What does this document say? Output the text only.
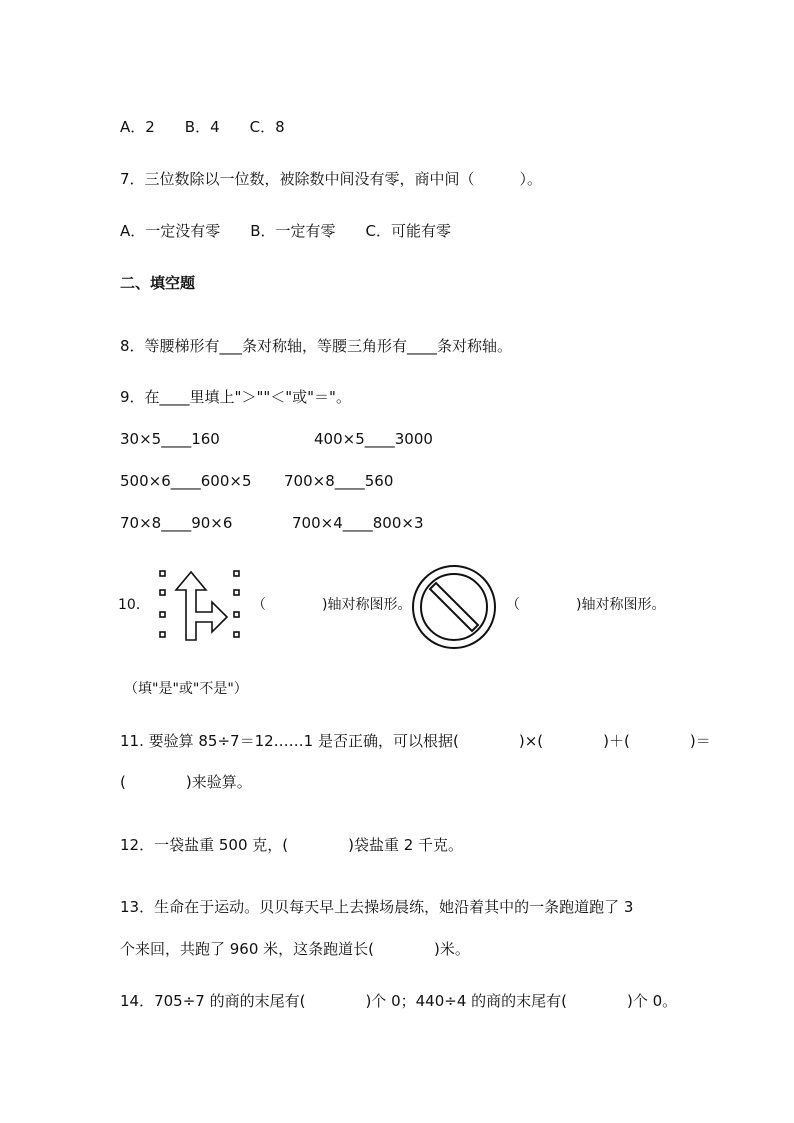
A．2　　B．4　　C．8
7．三位数除以一位数，被除数中间没有零，商中间（　　　）。
A．一定没有零　　B．一定有零　　C．可能有零
二、填空题
8．等腰梯形有___条对称轴，等腰三角形有____条对称轴。
9．在____里填上"＞""＜"或"＝"。
30×5____160	400×5____3000
500×6____600×5 700×8____560
70×8____90×6	700×4____800×3
10．	（　　　　)轴对称图形。	（　　　　)轴对称图形。
（填"是"或"不是"）
11. 要验算 85÷7＝12……1 是否正确，可以根据(　　　　)×(　　　　)＋(　　　　)＝
(　　　　)来验算。
12．一袋盐重 500 克，(　　　　)袋盐重 2 千克。
13．生命在于运动。贝贝每天早上去操场晨练，她沿着其中的一条跑道跑了 3
个来回，共跑了 960 米，这条跑道长(　　　　)米。
14．705÷7 的商的末尾有(　　　　)个 0；440÷4 的商的末尾有(　　　　)个 0。
